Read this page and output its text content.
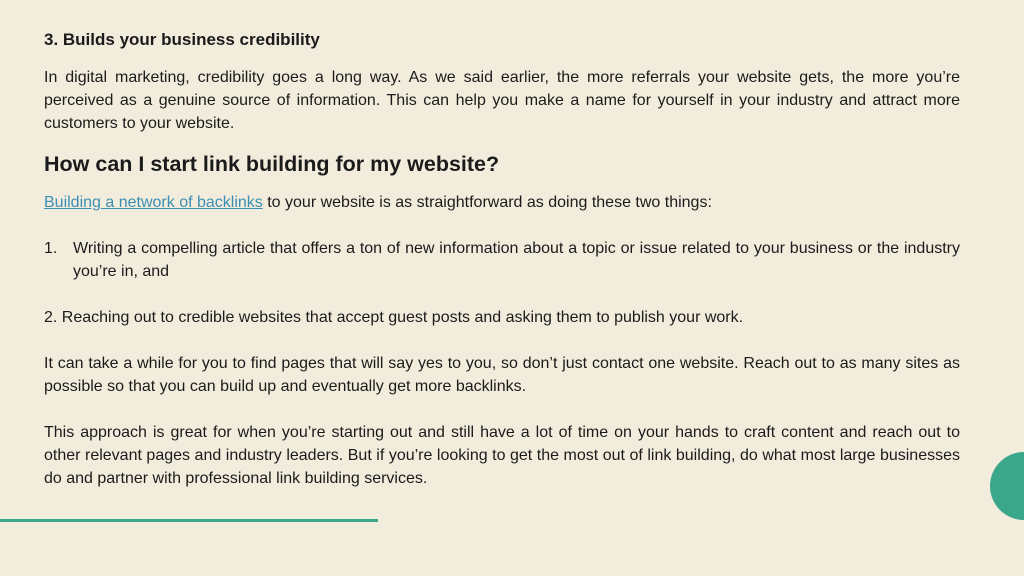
3. Builds your business credibility

In digital marketing, credibility goes a long way. As we said earlier, the more referrals your website gets, the more you’re perceived as a genuine source of information. This can help you make a name for yourself in your industry and attract more customers to your website.

How can I start link building for my website?

Building a network of backlinks to your website is as straightforward as doing these two things:

1. Writing a compelling article that offers a ton of new information about a topic or issue related to your business or the industry you’re in, and

2. Reaching out to credible websites that accept guest posts and asking them to publish your work.

It can take a while for you to find pages that will say yes to you, so don’t just contact one website. Reach out to as many sites as possible so that you can build up and eventually get more backlinks.

This approach is great for when you’re starting out and still have a lot of time on your hands to craft content and reach out to other relevant pages and industry leaders. But if you’re looking to get the most out of link building, do what most large businesses do and partner with professional link building services.
